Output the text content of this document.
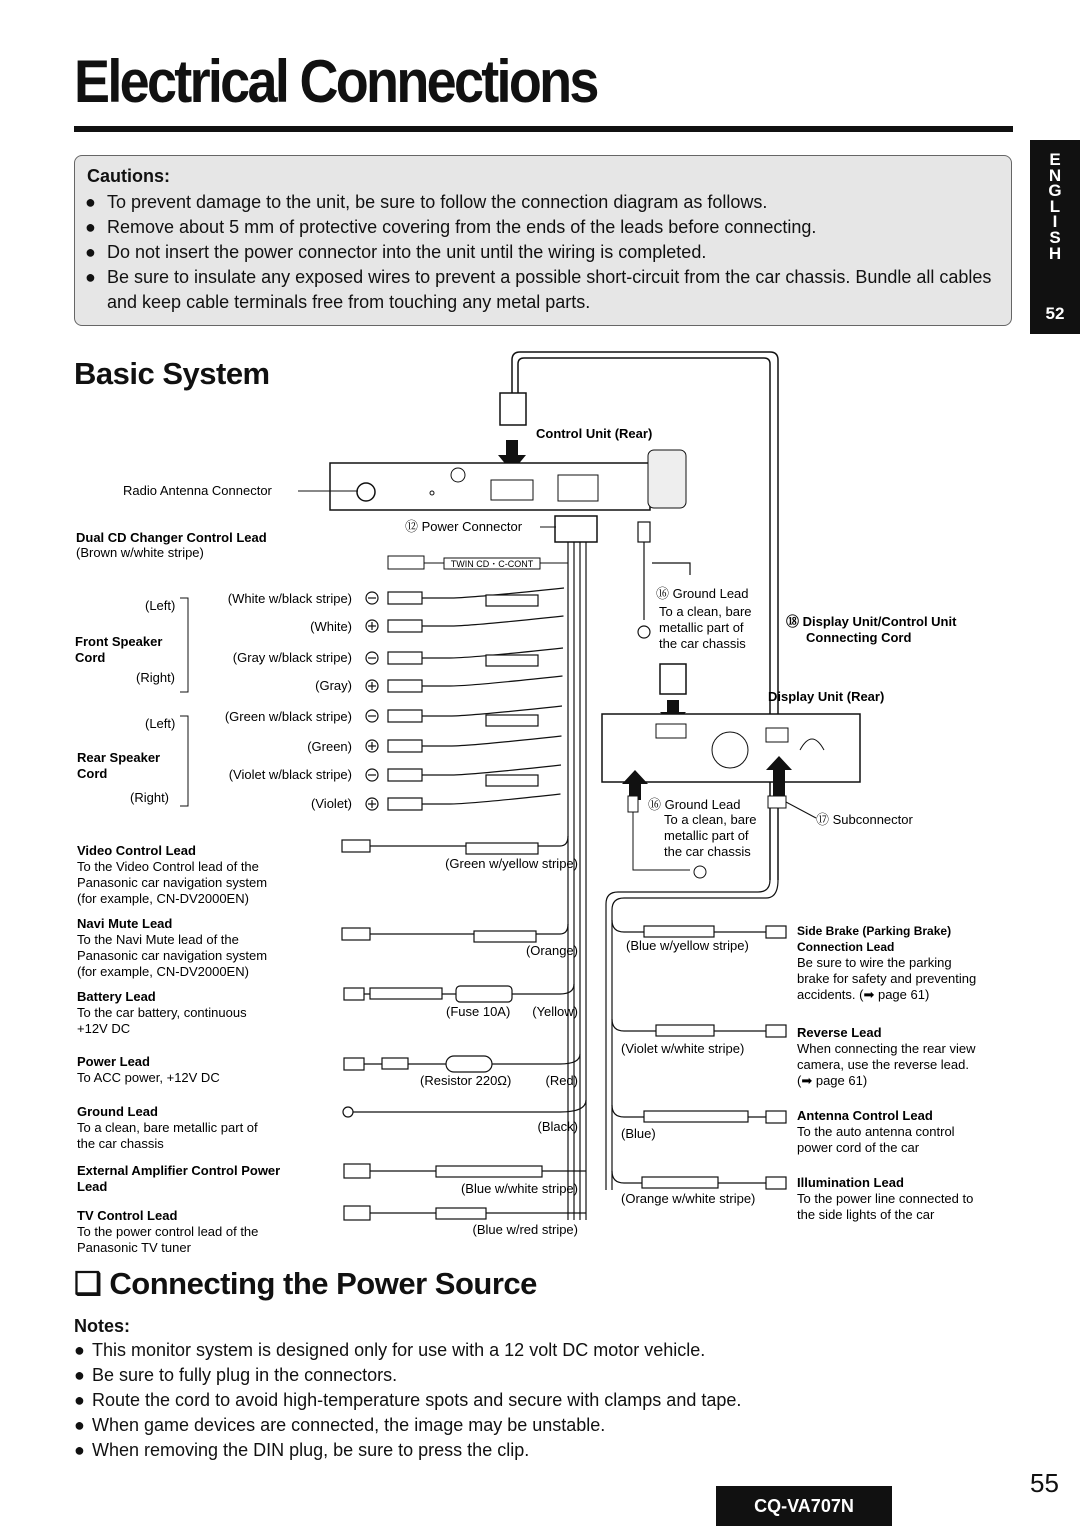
Electrical Connections
E
N
G
L
I
S
H
52
Cautions:
● To prevent damage to the unit, be sure to follow the connection diagram as follows.
● Remove about 5 mm of protective covering from the ends of the leads before connecting.
● Do not insert the power connector into the unit until the wiring is completed.
● Be sure to insulate any exposed wires to prevent a possible short-circuit from the car chassis. Bundle all cables and keep cable terminals free from touching any metal parts.
Basic System
Control Unit (Rear)
Radio Antenna Connector
⑫ Power Connector
Dual CD Changer Control Lead
(Brown w/white stripe)
TWIN CD・C-CONT
(Left)
Front Speaker
Cord
(Right)
(White w/black stripe)
(White)
(Gray w/black stripe)
(Gray)
(Left)
Rear Speaker
Cord
(Right)
(Green w/black stripe)
(Green)
(Violet w/black stripe)
(Violet)
Video Control Lead
To the Video Control lead of the
Panasonic car navigation system
(for example, CN-DV2000EN)
(Green w/yellow stripe)
Navi Mute Lead
To the Navi Mute lead of the
Panasonic car navigation system
(for example, CN-DV2000EN)
(Orange)
Battery Lead
To the car battery, continuous
+12V DC
(Fuse 10A) (Yellow)
Power Lead
To ACC power, +12V DC	(Resistor 220Ω)	(Red)
Ground Lead
To a clean, bare metallic part of
the car chassis
(Black)
External Amplifier Control Power
Lead	(Blue w/white stripe)
TV Control Lead
To the power control lead of the
Panasonic TV tuner
(Blue w/red stripe)
⑯ Ground Lead
To a clean, bare
metallic part of
the car chassis
⑱ Display Unit/Control Unit
Connecting Cord
Display Unit (Rear)
⑯ Ground Lead
To a clean, bare
metallic part of
the car chassis
⑰ Subconnector
(Blue w/yellow stripe)
Side Brake (Parking Brake)
Connection Lead
Be sure to wire the parking
brake for safety and preventing
accidents. (➡ page 61)
(Violet w/white stripe)
Reverse Lead
When connecting the rear view
camera, use the reverse lead.
(➡ page 61)
(Blue)
Antenna Control Lead
To the auto antenna control
power cord of the car
(Orange w/white stripe)
Illumination Lead
To the power line connected to
the side lights of the car
❑ Connecting the Power Source
Notes:
● This monitor system is designed only for use with a 12 volt DC motor vehicle.
● Be sure to fully plug in the connectors.
● Route the cord to avoid high-temperature spots and secure with clamps and tape.
● When game devices are connected, the image may be unstable.
● When removing the DIN plug, be sure to press the clip.
CQ-VA707N
55
